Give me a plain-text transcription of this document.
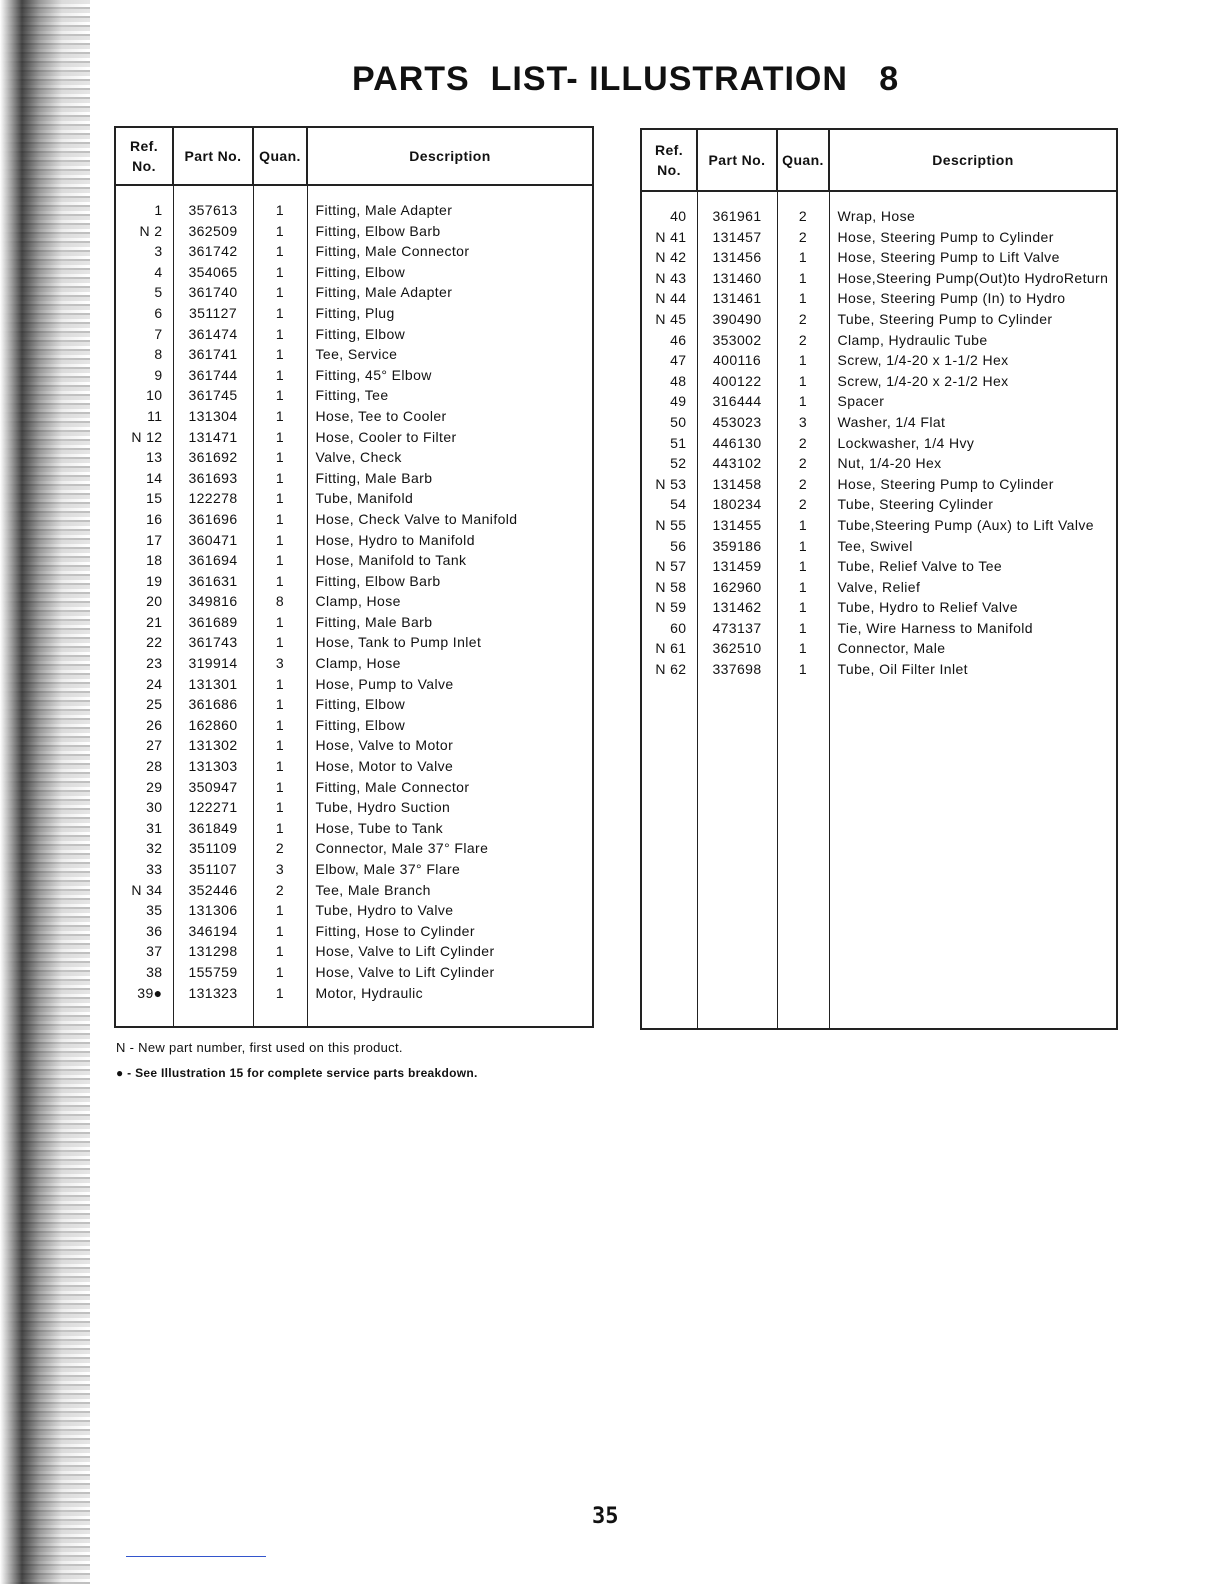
PARTS  LIST- ILLUSTRATION   8
Ref. No.	Part No.	Quan.	Description
1	357613	1	Fitting, Male Adapter
N 2	362509	1	Fitting, Elbow Barb
3	361742	1	Fitting, Male Connector
4	354065	1	Fitting, Elbow
5	361740	1	Fitting, Male Adapter
6	351127	1	Fitting, Plug
7	361474	1	Fitting, Elbow
8	361741	1	Tee, Service
9	361744	1	Fitting, 45° Elbow
10	361745	1	Fitting, Tee
11	131304	1	Hose, Tee to Cooler
N 12	131471	1	Hose, Cooler to Filter
13	361692	1	Valve, Check
14	361693	1	Fitting, Male Barb
15	122278	1	Tube, Manifold
16	361696	1	Hose, Check Valve to Manifold
17	360471	1	Hose, Hydro to Manifold
18	361694	1	Hose, Manifold to Tank
19	361631	1	Fitting, Elbow Barb
20	349816	8	Clamp, Hose
21	361689	1	Fitting, Male Barb
22	361743	1	Hose, Tank to Pump Inlet
23	319914	3	Clamp, Hose
24	131301	1	Hose, Pump to Valve
25	361686	1	Fitting, Elbow
26	162860	1	Fitting, Elbow
27	131302	1	Hose, Valve to Motor
28	131303	1	Hose, Motor to Valve
29	350947	1	Fitting, Male Connector
30	122271	1	Tube, Hydro Suction
31	361849	1	Hose, Tube to Tank
32	351109	2	Connector, Male 37° Flare
33	351107	3	Elbow, Male 37° Flare
N 34	352446	2	Tee, Male Branch
35	131306	1	Tube, Hydro to Valve
36	346194	1	Fitting, Hose to Cylinder
37	131298	1	Hose, Valve to Lift Cylinder
38	155759	1	Hose, Valve to Lift Cylinder
39●	131323	1	Motor, Hydraulic

Ref. No.	Part No.	Quan.	Description
40	361961	2	Wrap, Hose
N 41	131457	2	Hose, Steering Pump to Cylinder
N 42	131456	1	Hose, Steering Pump to Lift Valve
N 43	131460	1	Hose,Steering Pump(Out)to HydroReturn
N 44	131461	1	Hose, Steering Pump (In) to Hydro
N 45	390490	2	Tube, Steering Pump to Cylinder
46	353002	2	Clamp, Hydraulic Tube
47	400116	1	Screw, 1/4-20 x 1-1/2 Hex
48	400122	1	Screw, 1/4-20 x 2-1/2 Hex
49	316444	1	Spacer
50	453023	3	Washer, 1/4 Flat
51	446130	2	Lockwasher, 1/4 Hvy
52	443102	2	Nut, 1/4-20 Hex
N 53	131458	2	Hose, Steering Pump to Cylinder
54	180234	2	Tube, Steering Cylinder
N 55	131455	1	Tube,Steering Pump (Aux) to Lift Valve
56	359186	1	Tee, Swivel
N 57	131459	1	Tube, Relief Valve to Tee
N 58	162960	1	Valve, Relief
N 59	131462	1	Tube, Hydro to Relief Valve
60	473137	1	Tie, Wire Harness to Manifold
N 61	362510	1	Connector, Male
N 62	337698	1	Tube, Oil Filter Inlet

N - New part number, first used on this product.
● - See Illustration 15 for complete service parts breakdown.
35
